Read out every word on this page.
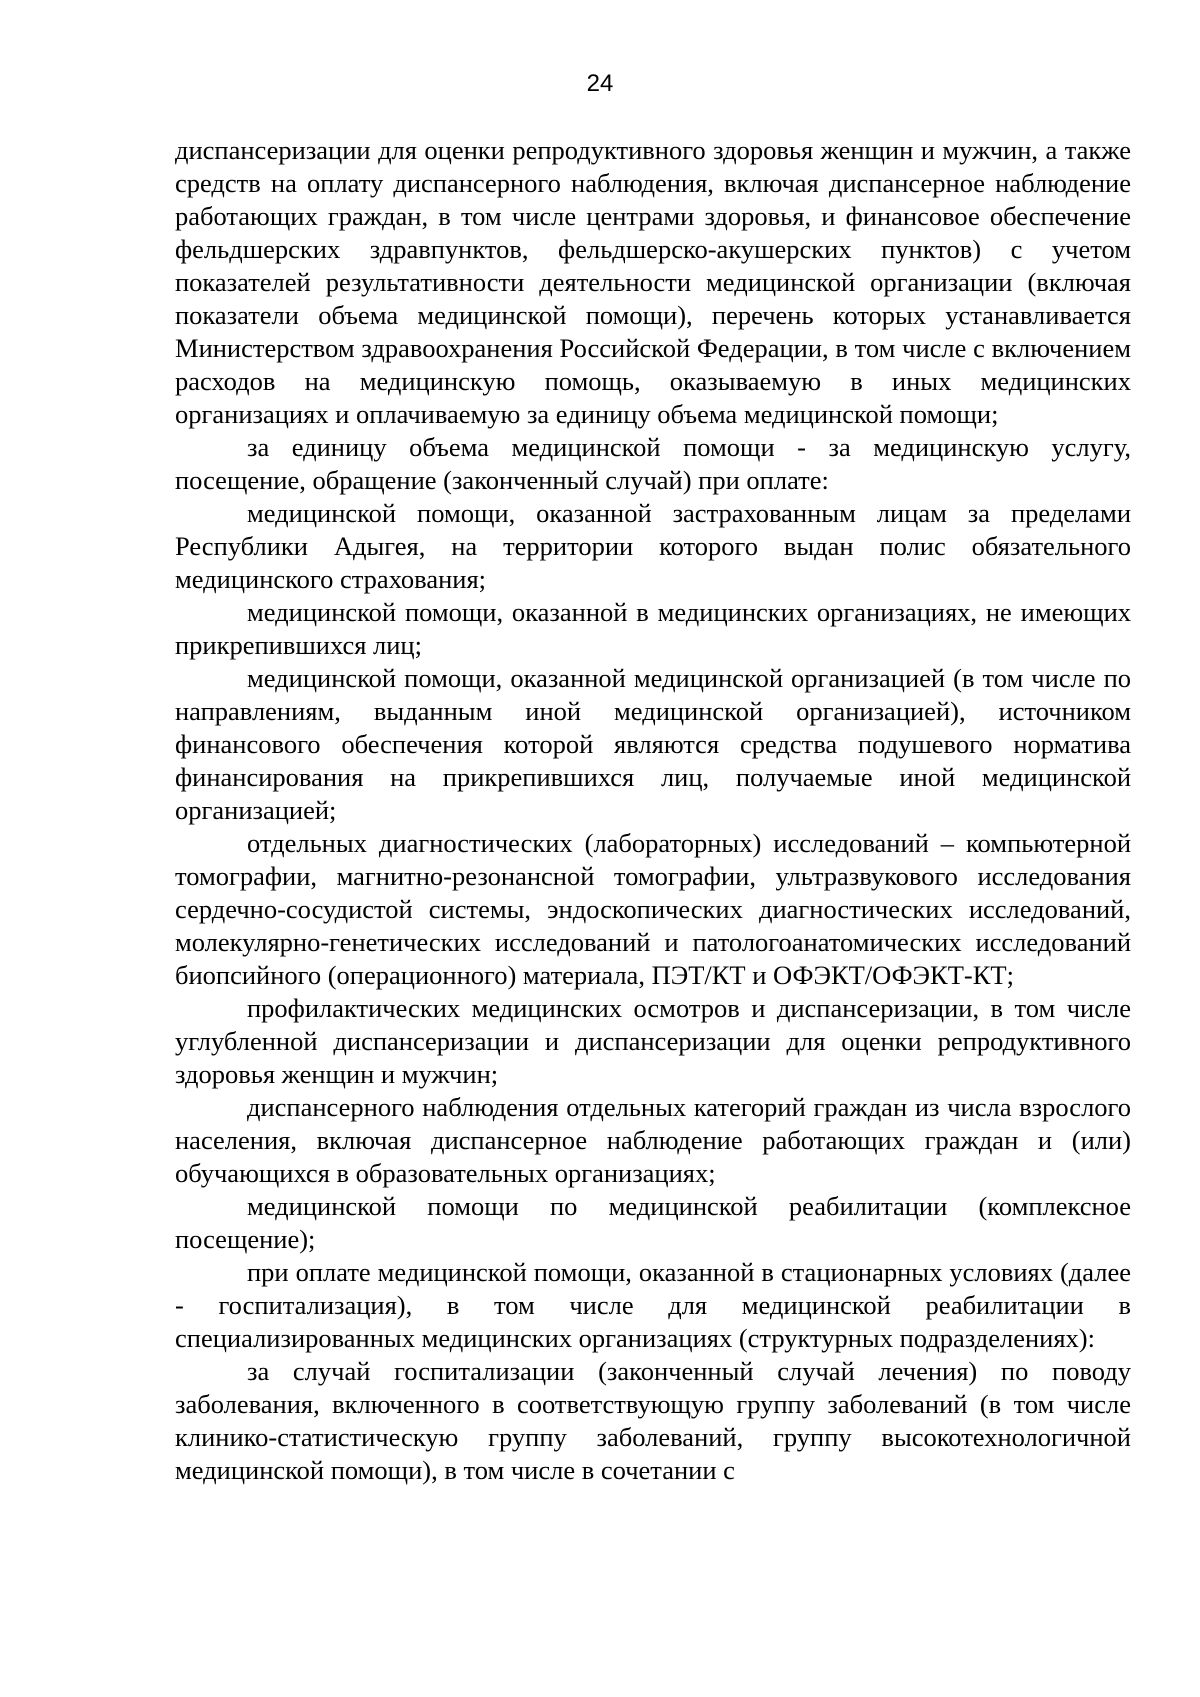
24

диспансеризации для оценки репродуктивного здоровья женщин и мужчин, а также средств на оплату диспансерного наблюдения, включая диспансерное наблюдение работающих граждан, в том числе центрами здоровья, и финансовое обеспечение фельдшерских здравпунктов, фельдшерско-акушерских пунктов) с учетом показателей результативности деятельности медицинской организации (включая показатели объема медицинской помощи), перечень которых устанавливается Министерством здравоохранения Российской Федерации, в том числе с включением расходов на медицинскую помощь, оказываемую в иных медицинских организациях и оплачиваемую за единицу объема медицинской помощи;

за единицу объема медицинской помощи - за медицинскую услугу, посещение, обращение (законченный случай) при оплате:

медицинской помощи, оказанной застрахованным лицам за пределами Республики Адыгея, на территории которого выдан полис обязательного медицинского страхования;

медицинской помощи, оказанной в медицинских организациях, не имеющих прикрепившихся лиц;

медицинской помощи, оказанной медицинской организацией (в том числе по направлениям, выданным иной медицинской организацией), источником финансового обеспечения которой являются средства подушевого норматива финансирования на прикрепившихся лиц, получаемые иной медицинской организацией;

отдельных диагностических (лабораторных) исследований – компьютерной томографии, магнитно-резонансной томографии, ультразвукового исследования сердечно-сосудистой системы, эндоскопических диагностических исследований, молекулярно-генетических исследований и патологоанатомических исследований биопсийного (операционного) материала, ПЭТ/КТ и ОФЭКТ/ОФЭКТ-КТ;

профилактических медицинских осмотров и диспансеризации, в том числе углубленной диспансеризации и диспансеризации для оценки репродуктивного здоровья женщин и мужчин;

диспансерного наблюдения отдельных категорий граждан из числа взрослого населения, включая диспансерное наблюдение работающих граждан и (или) обучающихся в образовательных организациях;

медицинской помощи по медицинской реабилитации (комплексное посещение);

при оплате медицинской помощи, оказанной в стационарных условиях (далее - госпитализация), в том числе для медицинской реабилитации в специализированных медицинских организациях (структурных подразделениях):

за случай госпитализации (законченный случай лечения) по поводу заболевания, включенного в соответствующую группу заболеваний (в том числе клинико-статистическую группу заболеваний, группу высокотехнологичной медицинской помощи), в том числе в сочетании с
